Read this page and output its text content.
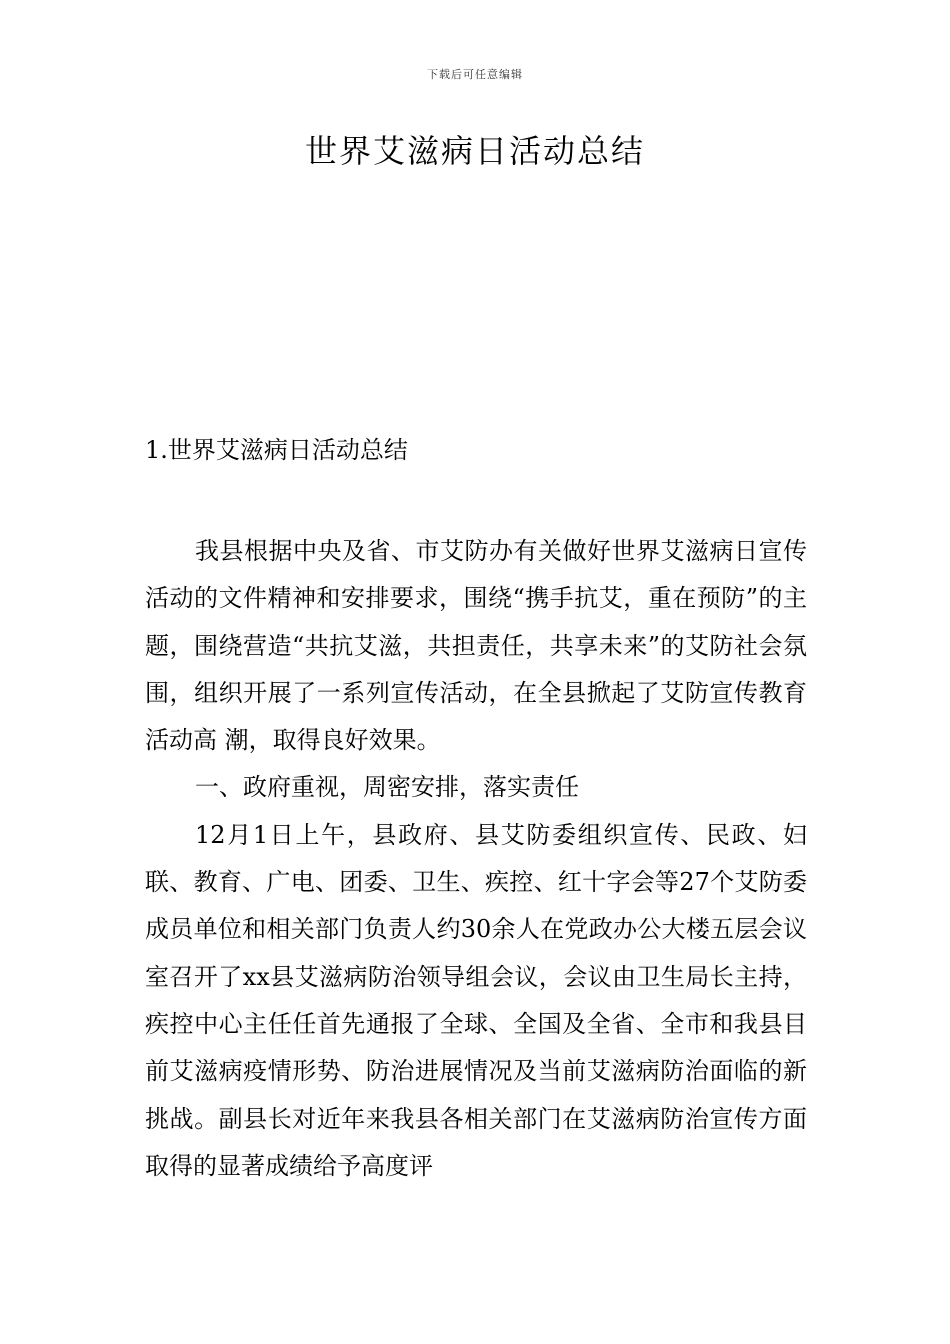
下载后可任意编辑
世界艾滋病日活动总结
1.世界艾滋病日活动总结

我县根据中央及省、市艾防办有关做好世界艾滋病日宣传活动的文件精神和安排要求，围绕“携手抗艾，重在预防”的主题，围绕营造“共抗艾滋，共担责任，共享未来”的艾防社会氛围，组织开展了一系列宣传活动，在全县掀起了艾防宣传教育活动高 潮，取得良好效果。

一、政府重视，周密安排，落实责任

12月1日上午，县政府、县艾防委组织宣传、民政、妇联、教育、广电、团委、卫生、疾控、红十字会等27个艾防委成员单位和相关部门负责人约30余人在党政办公大楼五层会议室召开了xx县艾滋病防治领导组会议，会议由卫生局长主持，疾控中心主任任首先通报了全球、全国及全省、全市和我县目前艾滋病疫情形势、防治进展情况及当前艾滋病防治面临的新挑战。副县长对近年来我县各相关部门在艾滋病防治宣传方面取得的显著成绩给予高度评
